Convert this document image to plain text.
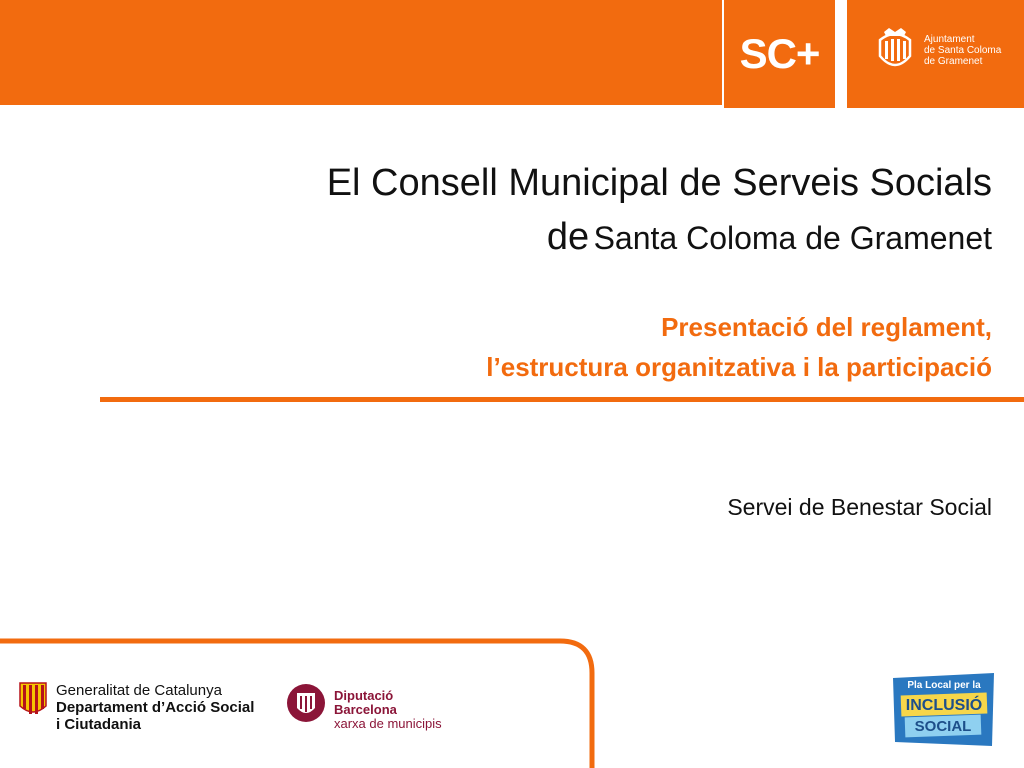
SC+	Ajuntament
de Santa Coloma
de Gramenet
El Consell Municipal de Serveis Socials
de Santa Coloma de Gramenet
Presentació del reglament,
l’estructura organitzativa i la participació
Servei de Benestar Social
Generalitat de Catalunya
Departament d’Acció Social
i Ciutadania
Diputació
Barcelona
xarxa de municipis
Pla Local per la
INCLUSIÓ
SOCIAL
